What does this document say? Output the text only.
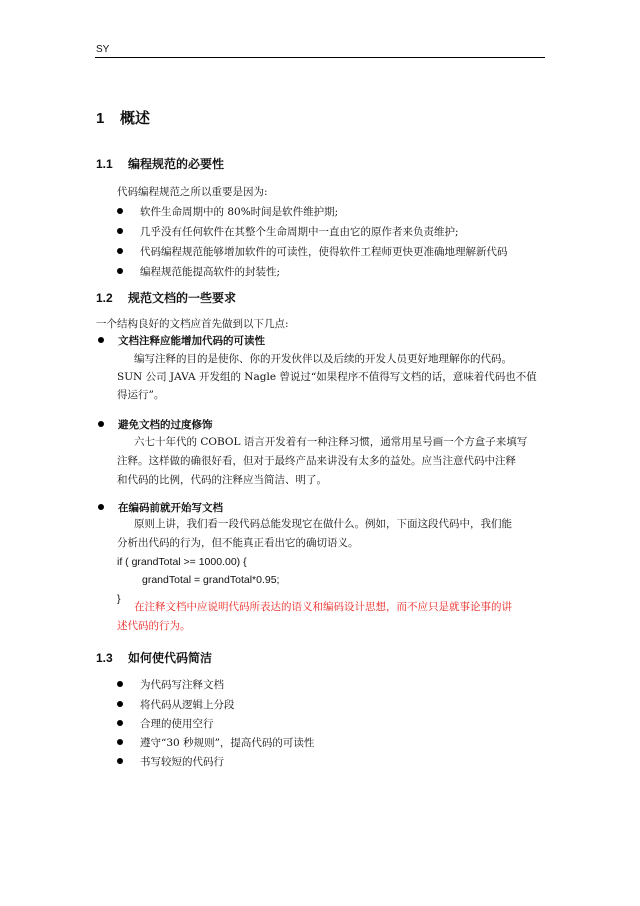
SY
1 概述
1.1 编程规范的必要性
代码编程规范之所以重要是因为:
软件生命周期中的 80%时间是软件维护期;
几乎没有任何软件在其整个生命周期中一直由它的原作者来负责维护;
代码编程规范能够增加软件的可读性，使得软件工程师更快更准确地理解新代码
编程规范能提高软件的封装性;
1.2 规范文档的一些要求
一个结构良好的文档应首先做到以下几点:
文档注释应能增加代码的可读性
编写注释的目的是使你、你的开发伙伴以及后续的开发人员更好地理解你的代码。
SUN 公司 JAVA 开发组的 Nagle 曾说过“如果程序不值得写文档的话，意味着代码也不值
得运行”。
避免文档的过度修饰
六七十年代的 COBOL 语言开发着有一种注释习惯，通常用星号画一个方盒子来填写
注释。这样做的确很好看，但对于最终产品来讲没有太多的益处。应当注意代码中注释
和代码的比例，代码的注释应当简洁、明了。
在编码前就开始写文档
原则上讲，我们看一段代码总能发现它在做什么。例如，下面这段代码中，我们能
分析出代码的行为，但不能真正看出它的确切语义。
if ( grandTotal >= 1000.00) {
grandTotal = grandTotal*0.95;
}
在注释文档中应说明代码所表达的语义和编码设计思想，而不应只是就事论事的讲
述代码的行为。
1.3 如何使代码简洁
为代码写注释文档
将代码从逻辑上分段
合理的使用空行
遵守“30 秒规则”，提高代码的可读性
书写较短的代码行
